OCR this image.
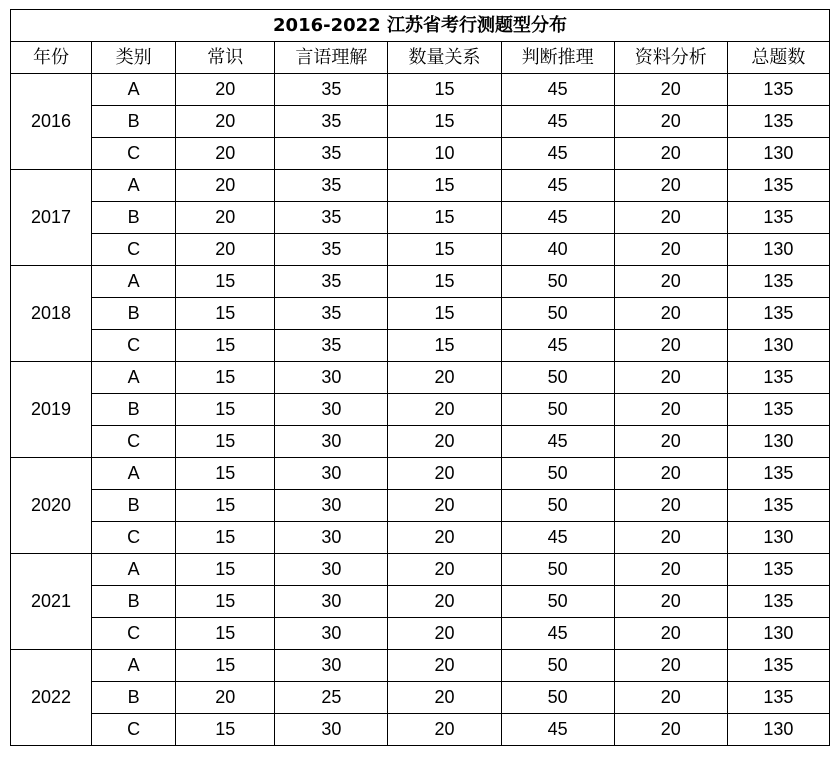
2016-2022 江苏省考行测题型分布							
年份	类别	常识	言语理解	数量关系	判断推理	资料分析	总题数
2016	A	20	35	15	45	20	135
	B	20	35	15	45	20	135
	C	20	35	10	45	20	130
2017	A	20	35	15	45	20	135
	B	20	35	15	45	20	135
	C	20	35	15	40	20	130
2018	A	15	35	15	50	20	135
	B	15	35	15	50	20	135
	C	15	35	15	45	20	130
2019	A	15	30	20	50	20	135
	B	15	30	20	50	20	135
	C	15	30	20	45	20	130
2020	A	15	30	20	50	20	135
	B	15	30	20	50	20	135
	C	15	30	20	45	20	130
2021	A	15	30	20	50	20	135
	B	15	30	20	50	20	135
	C	15	30	20	45	20	130
2022	A	15	30	20	50	20	135
	B	20	25	20	50	20	135
	C	15	30	20	45	20	130
